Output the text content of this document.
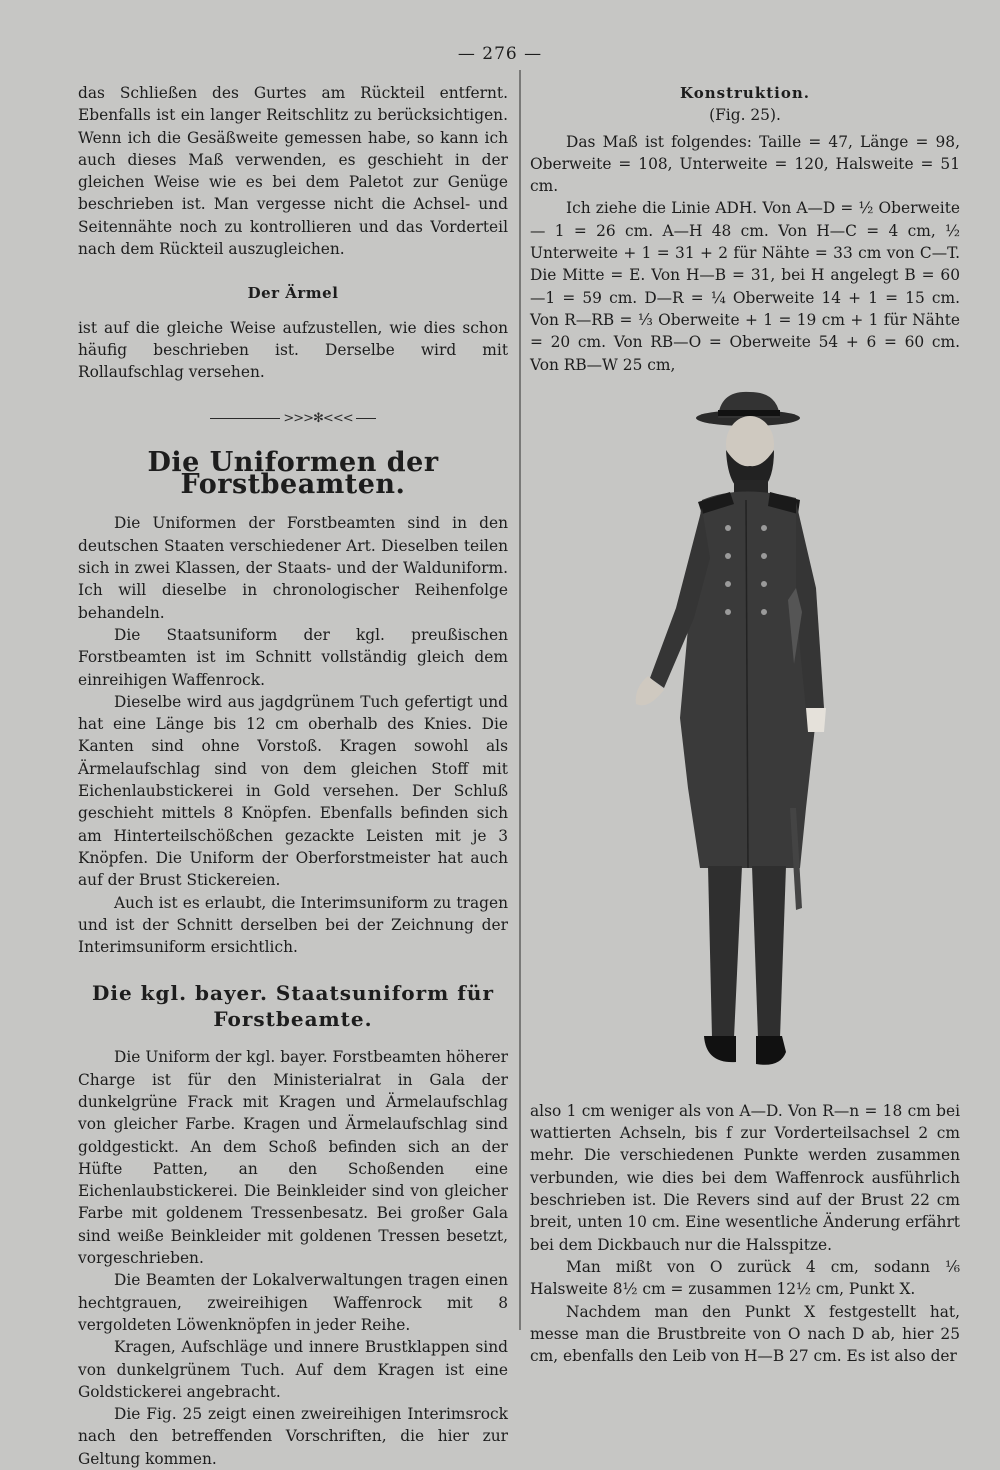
— 276 —

das Schließen des Gurtes am Rückteil entfernt. Ebenfalls ist ein langer Reitschlitz zu berücksichtigen. Wenn ich die Gesäßweite gemessen habe, so kann ich auch dieses Maß verwenden, es geschieht in der gleichen Weise wie es bei dem Paletot zur Genüge beschrieben ist. Man vergesse nicht die Achsel- und Seitennähte noch zu kontrollieren und das Vorderteil nach dem Rückteil auszugleichen.

Der Ärmel

ist auf die gleiche Weise aufzustellen, wie dies schon häufig beschrieben ist. Derselbe wird mit Rollaufschlag versehen.

>>>✻<<<
Die Uniformen der Forstbeamten.

Die Uniformen der Forstbeamten sind in den deutschen Staaten verschiedener Art. Dieselben teilen sich in zwei Klassen, der Staats- und der Walduniform. Ich will dieselbe in chronologischer Reihenfolge behandeln.

Die Staatsuniform der kgl. preußischen Forstbeamten ist im Schnitt vollständig gleich dem einreihigen Waffenrock.

Dieselbe wird aus jagdgrünem Tuch gefertigt und hat eine Länge bis 12 cm oberhalb des Knies. Die Kanten sind ohne Vorstoß. Kragen sowohl als Ärmelaufschlag sind von dem gleichen Stoff mit Eichenlaubstickerei in Gold versehen. Der Schluß geschieht mittels 8 Knöpfen. Ebenfalls befinden sich am Hinterteilschößchen gezackte Leisten mit je 3 Knöpfen. Die Uniform der Oberforstmeister hat auch auf der Brust Stickereien.

Auch ist es erlaubt, die Interimsuniform zu tragen und ist der Schnitt derselben bei der Zeichnung der Interimsuniform ersichtlich.

Die kgl. bayer. Staatsuniform für Forstbeamte.

Die Uniform der kgl. bayer. Forstbeamten höherer Charge ist für den Ministerialrat in Gala der dunkelgrüne Frack mit Kragen und Ärmelaufschlag von gleicher Farbe. Kragen und Ärmelaufschlag sind goldgestickt. An dem Schoß befinden sich an der Hüfte Patten, an den Schoßenden eine Eichenlaubstickerei. Die Beinkleider sind von gleicher Farbe mit goldenem Tressenbesatz. Bei großer Gala sind weiße Beinkleider mit goldenen Tressen besetzt, vorgeschrieben.

Die Beamten der Lokalverwaltungen tragen einen hechtgrauen, zweireihigen Waffenrock mit 8 vergoldeten Löwenknöpfen in jeder Reihe.

Kragen, Aufschläge und innere Brustklappen sind von dunkelgrünem Tuch. Auf dem Kragen ist eine Goldstickerei angebracht.

Die Fig. 25 zeigt einen zweireihigen Interimsrock nach den betreffenden Vorschriften, die hier zur Geltung kommen.

Konstruktion.
(Fig. 25).

Das Maß ist folgendes: Taille = 47, Länge = 98, Oberweite = 108, Unterweite = 120, Halsweite = 51 cm.

Ich ziehe die Linie ADH. Von A—D = ½ Oberweite — 1 = 26 cm. A—H 48 cm. Von H—C = 4 cm, ½ Unterweite + 1 = 31 + 2 für Nähte = 33 cm von C—T. Die Mitte = E. Von H—B = 31, bei H angelegt B = 60—1 = 59 cm. D—R = ¼ Oberweite 14 + 1 = 15 cm. Von R—RB = ⅓ Oberweite + 1 = 19 cm + 1 für Nähte = 20 cm. Von RB—O = Oberweite 54 + 6 = 60 cm. Von RB—W 25 cm,

also 1 cm weniger als von A—D. Von R—n = 18 cm bei wattierten Achseln, bis f zur Vorderteilsachsel 2 cm mehr. Die verschiedenen Punkte werden zusammen verbunden, wie dies bei dem Waffenrock ausführlich beschrieben ist. Die Revers sind auf der Brust 22 cm breit, unten 10 cm. Eine wesentliche Änderung erfährt bei dem Dickbauch nur die Halsspitze.

Man mißt von O zurück 4 cm, sodann ⅙ Halsweite 8½ cm = zusammen 12½ cm, Punkt X.

Nachdem man den Punkt X festgestellt hat, messe man die Brustbreite von O nach D ab, hier 25 cm, ebenfalls den Leib von H—B 27 cm. Es ist also der
